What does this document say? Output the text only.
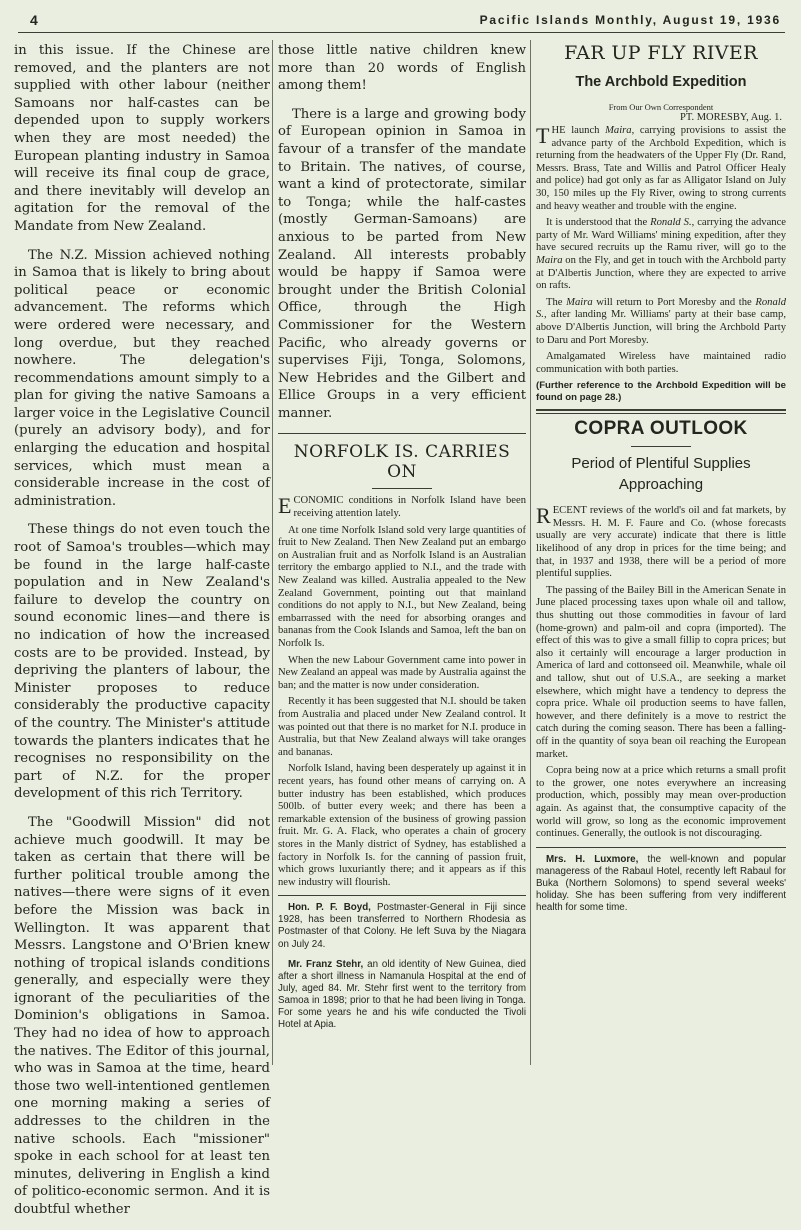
4	Pacific Islands Monthly, August 19, 1936

in this issue. If the Chinese are removed, and the planters are not supplied with other labour (neither Samoans nor half-castes can be depended upon to supply workers when they are most needed) the European planting industry in Samoa will receive its final coup de grace, and there inevitably will develop an agitation for the removal of the Mandate from New Zealand.

The N.Z. Mission achieved nothing in Samoa that is likely to bring about political peace or economic advancement. The reforms which were ordered were necessary, and long overdue, but they reached nowhere. The delegation's recommendations amount simply to a plan for giving the native Samoans a larger voice in the Legislative Council (purely an advisory body), and for enlarging the education and hospital services, which must mean a considerable increase in the cost of administration.

These things do not even touch the root of Samoa's troubles—which may be found in the large half-caste population and in New Zealand's failure to develop the country on sound economic lines—and there is no indication of how the increased costs are to be provided. Instead, by depriving the planters of labour, the Minister proposes to reduce considerably the productive capacity of the country. The Minister's attitude towards the planters indicates that he recognises no responsibility on the part of N.Z. for the proper development of this rich Territory.

The "Goodwill Mission" did not achieve much goodwill. It may be taken as certain that there will be further political trouble among the natives—there were signs of it even before the Mission was back in Wellington. It was apparent that Messrs. Langstone and O'Brien knew nothing of tropical islands conditions generally, and especially were they ignorant of the peculiarities of the Dominion's obligations in Samoa. They had no idea of how to approach the natives. The Editor of this journal, who was in Samoa at the time, heard those two well-intentioned gentlemen one morning making a series of addresses to the children in the native schools. Each "missioner" spoke in each school for at least ten minutes, delivering in English a kind of politico-economic sermon. And it is doubtful whether

those little native children knew more than 20 words of English among them!

There is a large and growing body of European opinion in Samoa in favour of a transfer of the mandate to Britain. The natives, of course, want a kind of protectorate, similar to Tonga; while the half-castes (mostly German-Samoans) are anxious to be parted from New Zealand. All interests probably would be happy if Samoa were brought under the British Colonial Office, through the High Commissioner for the Western Pacific, who already governs or supervises Fiji, Tonga, Solomons, New Hebrides and the Gilbert and Ellice Groups in a very efficient manner.

NORFOLK IS. CARRIES ON

ECONOMIC conditions in Norfolk Island have been receiving attention lately.

At one time Norfolk Island sold very large quantities of fruit to New Zealand. Then New Zealand put an embargo on Australian fruit and as Norfolk Island is an Australian territory the embargo applied to N.I., and the trade with New Zealand was killed. Australia appealed to the New Zealand Government, pointing out that mainland conditions do not apply to N.I., but New Zealand, being embarrassed with the need for absorbing oranges and bananas from the Cook Islands and Samoa, left the ban on Norfolk Is.

When the new Labour Government came into power in New Zealand an appeal was made by Australia against the ban; and the matter is now under consideration.

Recently it has been suggested that N.I. should be taken from Australia and placed under New Zealand control. It was pointed out that there is no market for N.I. produce in Australia, but that New Zealand always will take oranges and bananas.

Norfolk Island, having been desperately up against it in recent years, has found other means of carrying on. A butter industry has been established, which produces 500lb. of butter every week; and there has been a remarkable extension of the business of growing passion fruit. Mr. G. A. Flack, who operates a chain of grocery stores in the Manly district of Sydney, has established a factory in Norfolk Is. for the canning of passion fruit, which grows luxuriantly there; and it appears as if this new industry will flourish.

Hon. P. F. Boyd, Postmaster-General in Fiji since 1928, has been transferred to Northern Rhodesia as Postmaster of that Colony. He left Suva by the Niagara on July 24.

Mr. Franz Stehr, an old identity of New Guinea, died after a short illness in Namanula Hospital at the end of July, aged 84. Mr. Stehr first went to the territory from Samoa in 1898; prior to that he had been living in Tonga. For some years he and his wife conducted the Tivoli Hotel at Apia.

FAR UP FLY RIVER
The Archbold Expedition

From Our Own Correspondent

PT. MORESBY, Aug. 1.

THE launch Maira, carrying provisions to assist the advance party of the Archbold Expedition, which is returning from the headwaters of the Upper Fly (Dr. Rand, Messrs. Brass, Tate and Willis and Patrol Officer Healy and police) had got only as far as Alligator Island on July 30, 150 miles up the Fly River, owing to strong currents and heavy weather and trouble with the engine.

It is understood that the Ronald S., carrying the advance party of Mr. Ward Williams' mining expedition, after they have secured recruits up the Ramu river, will go to the Maira on the Fly, and get in touch with the Archbold party at D'Albertis Junction, where they are expected to arrive on rafts.

The Maira will return to Port Moresby and the Ronald S., after landing Mr. Williams' party at their base camp, above D'Albertis Junction, will bring the Archbold Party to Daru and Port Moresby.

Amalgamated Wireless have maintained radio communication with both parties.

(Further reference to the Archbold Expedition will be found on page 28.)

COPRA OUTLOOK
Period of Plentiful Supplies Approaching

RECENT reviews of the world's oil and fat markets, by Messrs. H. M. F. Faure and Co. (whose forecasts usually are very accurate) indicate that there is little likelihood of any drop in prices for the time being; and that, in 1937 and 1938, there will be a period of more plentiful supplies.

The passing of the Bailey Bill in the American Senate in June placed processing taxes upon whale oil and tallow, thus shutting out those commodities in favour of lard (home-grown) and palm-oil and copra (imported). The effect of this was to give a small fillip to copra prices; but also it certainly will encourage a larger production in America of lard and cottonseed oil. Meanwhile, whale oil and tallow, shut out of U.S.A., are seeking a market elsewhere, which might have a tendency to depress the copra price. Whale oil production seems to have fallen, however, and there definitely is a move to restrict the catch during the coming season. There has been a falling-off in the quantity of soya bean oil reaching the European market.

Copra being now at a price which returns a small profit to the grower, one notes everywhere an increasing production, which, possibly may mean over-production again. As against that, the consumptive capacity of the world will grow, so long as the economic improvement continues. Generally, the outlook is not discouraging.

Mrs. H. Luxmore, the well-known and popular manageress of the Rabaul Hotel, recently left Rabaul for Buka (Northern Solomons) to spend several weeks' holiday. She has been suffering from very indifferent health for some time.
